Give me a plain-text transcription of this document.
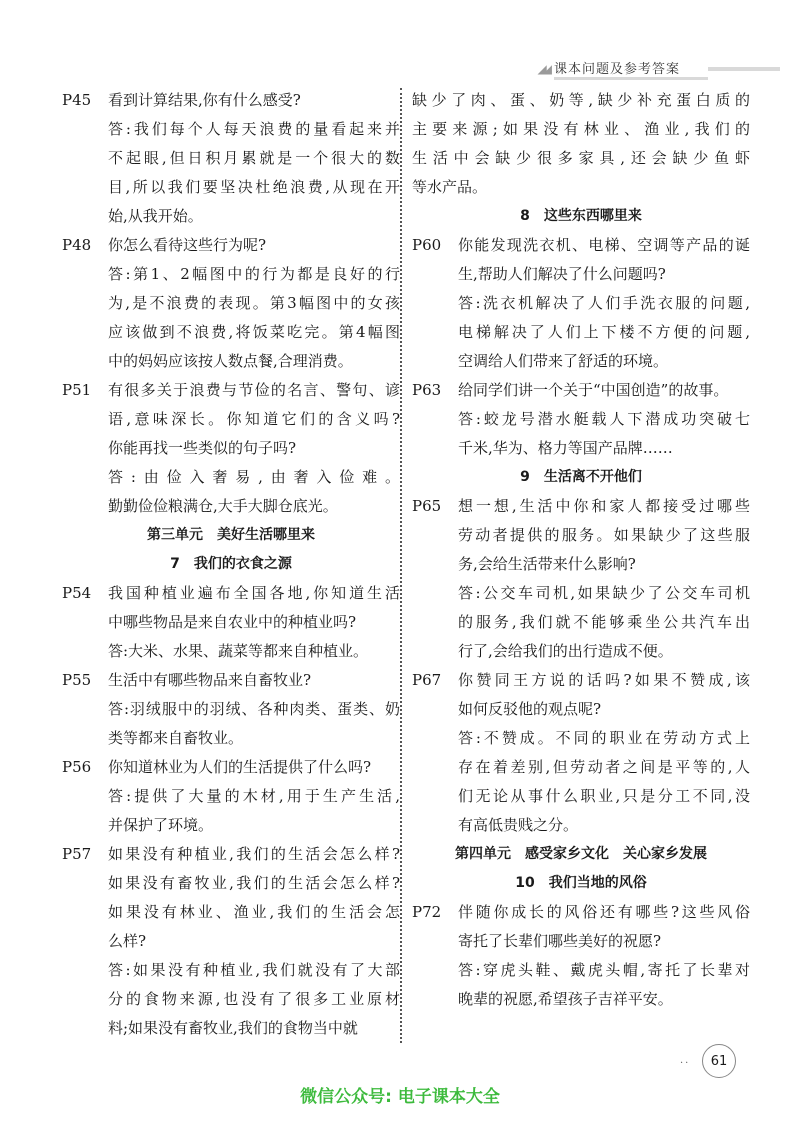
◢◢ 课本问题及参考答案
P45	看到计算结果,你有什么感受?
答:我们每个人每天浪费的量看起来并
不起眼,但日积月累就是一个很大的数
目,所以我们要坚决杜绝浪费,从现在开
始,从我开始。
P48	你怎么看待这些行为呢?
答:第1、2幅图中的行为都是良好的行
为,是不浪费的表现。第3幅图中的女孩
应该做到不浪费,将饭菜吃完。第4幅图
中的妈妈应该按人数点餐,合理消费。
P51	有很多关于浪费与节俭的名言、警句、谚
语,意味深长。你知道它们的含义吗?
你能再找一些类似的句子吗?
答:由俭入奢易,由奢入俭难。
勤勤俭俭粮满仓,大手大脚仓底光。
第三单元　美好生活哪里来
7　我们的衣食之源
P54	我国种植业遍布全国各地,你知道生活
中哪些物品是来自农业中的种植业吗?
答:大米、水果、蔬菜等都来自种植业。
P55	生活中有哪些物品来自畜牧业?
答:羽绒服中的羽绒、各种肉类、蛋类、奶
类等都来自畜牧业。
P56	你知道林业为人们的生活提供了什么吗?
答:提供了大量的木材,用于生产生活,
并保护了环境。
P57	如果没有种植业,我们的生活会怎么样?
如果没有畜牧业,我们的生活会怎么样?
如果没有林业、渔业,我们的生活会怎
么样?
答:如果没有种植业,我们就没有了大部
分的食物来源,也没有了很多工业原材
料;如果没有畜牧业,我们的食物当中就
缺少了肉、蛋、奶等,缺少补充蛋白质的
主要来源;如果没有林业、渔业,我们的
生活中会缺少很多家具,还会缺少鱼虾
等水产品。
8　这些东西哪里来
P60	你能发现洗衣机、电梯、空调等产品的诞
生,帮助人们解决了什么问题吗?
答:洗衣机解决了人们手洗衣服的问题,
电梯解决了人们上下楼不方便的问题,
空调给人们带来了舒适的环境。
P63	给同学们讲一个关于“中国创造”的故事。
答:蛟龙号潜水艇载人下潜成功突破七
千米,华为、格力等国产品牌……
9　生活离不开他们
P65	想一想,生活中你和家人都接受过哪些
劳动者提供的服务。如果缺少了这些服
务,会给生活带来什么影响?
答:公交车司机,如果缺少了公交车司机
的服务,我们就不能够乘坐公共汽车出
行了,会给我们的出行造成不便。
P67	你赞同王方说的话吗?如果不赞成,该
如何反驳他的观点呢?
答:不赞成。不同的职业在劳动方式上
存在着差别,但劳动者之间是平等的,人
们无论从事什么职业,只是分工不同,没
有高低贵贱之分。
第四单元　感受家乡文化　关心家乡发展
10　我们当地的风俗
P72	伴随你成长的风俗还有哪些?这些风俗
寄托了长辈们哪些美好的祝愿?
答:穿虎头鞋、戴虎头帽,寄托了长辈对
晚辈的祝愿,希望孩子吉祥平安。
··	61
微信公众号: 电子课本大全
